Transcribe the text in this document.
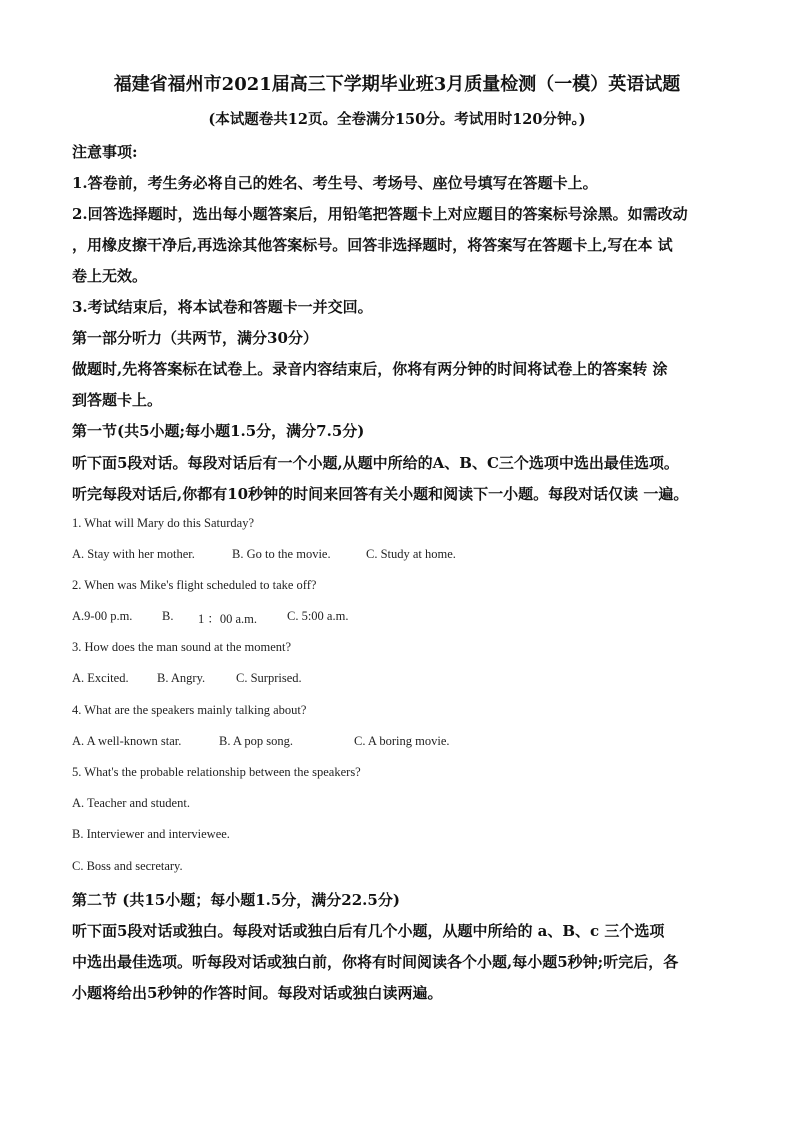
福建省福州市2021届高三下学期毕业班3月质量检测（一模）英语试题
(本试题卷共12页。全卷满分150分。考试用时120分钟。)
注意事项:
1.答卷前，考生务必将自己的姓名、考生号、考场号、座位号填写在答题卡上。
2.回答选择题时，选出每小题答案后，用铅笔把答题卡上对应题目的答案标号涂黑。如需改动
，用橡皮擦干净后,再选涂其他答案标号。回答非选择题时，将答案写在答题卡上,写在本 试
卷上无效。
3.考试结束后，将本试卷和答题卡一并交回。
第一部分听力（共两节，满分30分）
做题时,先将答案标在试卷上。录音内容结束后，你将有两分钟的时间将试卷上的答案转 涂
到答题卡上。
第一节(共5小题;每小题1.5分，满分7.5分)
听下面5段对话。每段对话后有一个小题,从题中所给的A、B、C三个选项中选出最佳选项。
听完每段对话后,你都有10秒钟的时间来回答有关小题和阅读下一小题。每段对话仅读 一遍。
1. What will Mary do this Saturday?
A. Stay with her mother.	B. Go to the movie.	C. Study at home.
2. When was Mike's flight scheduled to take off?
A.9-00 p.m. B. 1 ：00 a.m. C. 5:00 a.m.
3. How does the man sound at the moment?
A. Excited. B. Angry. C. Surprised.
4. What are the speakers mainly talking about?
A. A well-known star.	B. A pop song.	C. A boring movie.
5. What's the probable relationship between the speakers?
A. Teacher and student.
B. Interviewer and interviewee.
C. Boss and secretary.
第二节 (共15小题；每小题1.5分，满分22.5分)
听下面5段对话或独白。每段对话或独白后有几个小题，从题中所给的 a、B、c 三个选项
中选出最佳选项。听每段对话或独白前，你将有时间阅读各个小题,每小题5秒钟;听完后，各
小题将给出5秒钟的作答时间。每段对话或独白读两遍。
